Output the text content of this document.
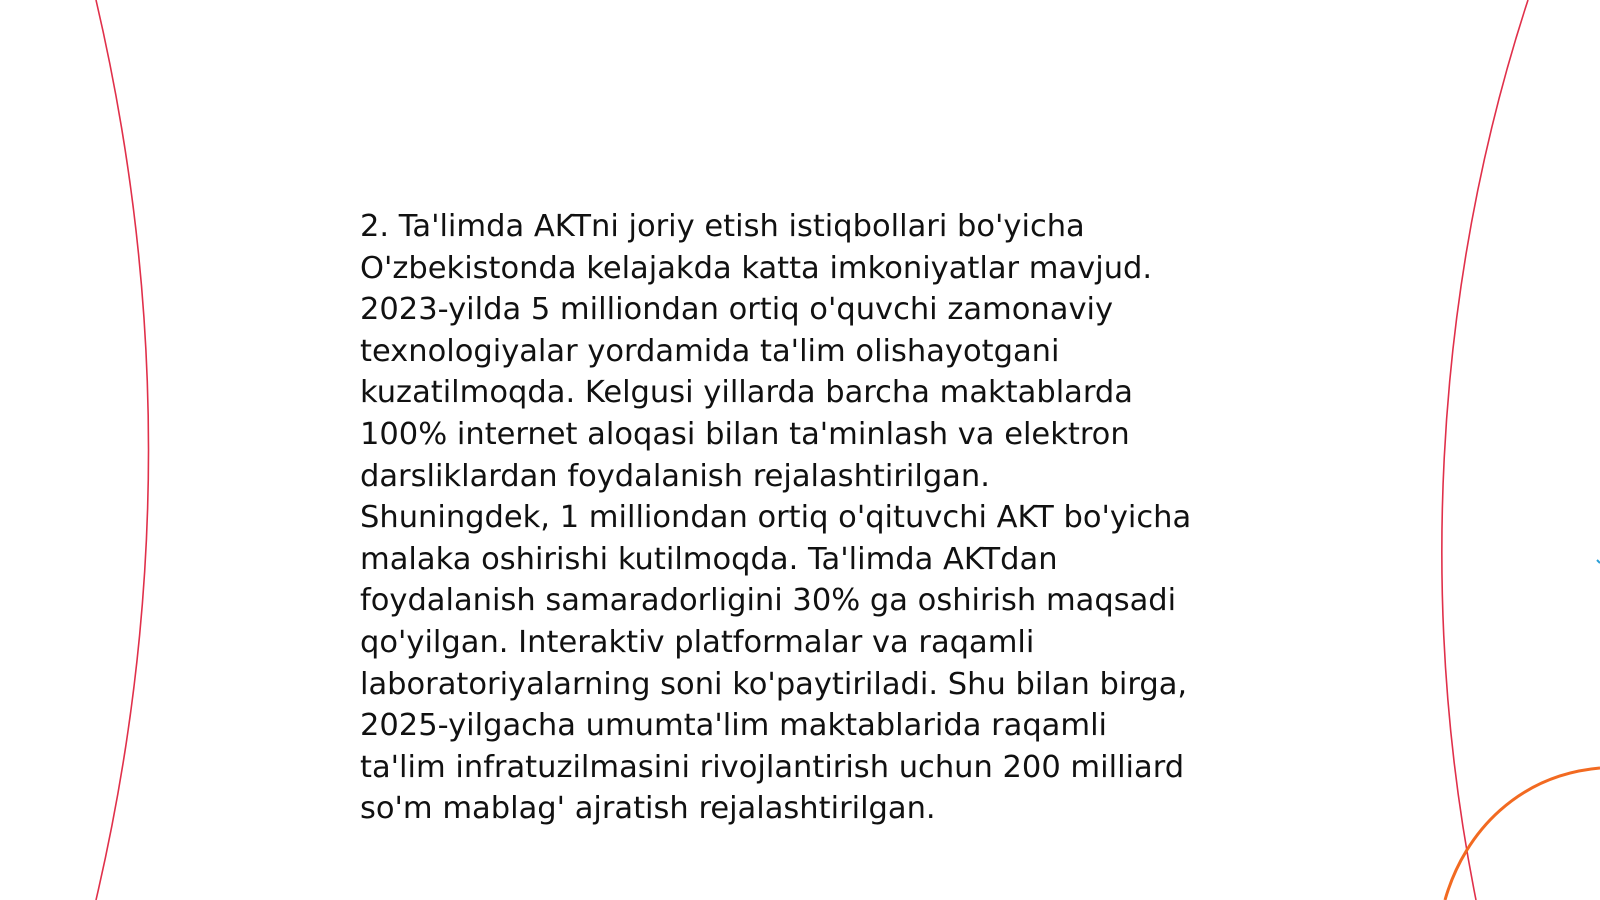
2. Ta'limda AKTni joriy etish istiqbollari bo'yicha
O'zbekistonda kelajakda katta imkoniyatlar mavjud.
2023-yilda 5 milliondan ortiq o'quvchi zamonaviy
texnologiyalar yordamida ta'lim olishayotgani
kuzatilmoqda. Kelgusi yillarda barcha maktablarda
100% internet aloqasi bilan ta'minlash va elektron
darsliklardan foydalanish rejalashtirilgan.
Shuningdek, 1 milliondan ortiq o'qituvchi AKT bo'yicha
malaka oshirishi kutilmoqda. Ta'limda AKTdan
foydalanish samaradorligini 30% ga oshirish maqsadi
qo'yilgan. Interaktiv platformalar va raqamli
laboratoriyalarning soni ko'paytiriladi. Shu bilan birga,
2025-yilgacha umumta'lim maktablarida raqamli
ta'lim infratuzilmasini rivojlantirish uchun 200 milliard
so'm mablag' ajratish rejalashtirilgan.
